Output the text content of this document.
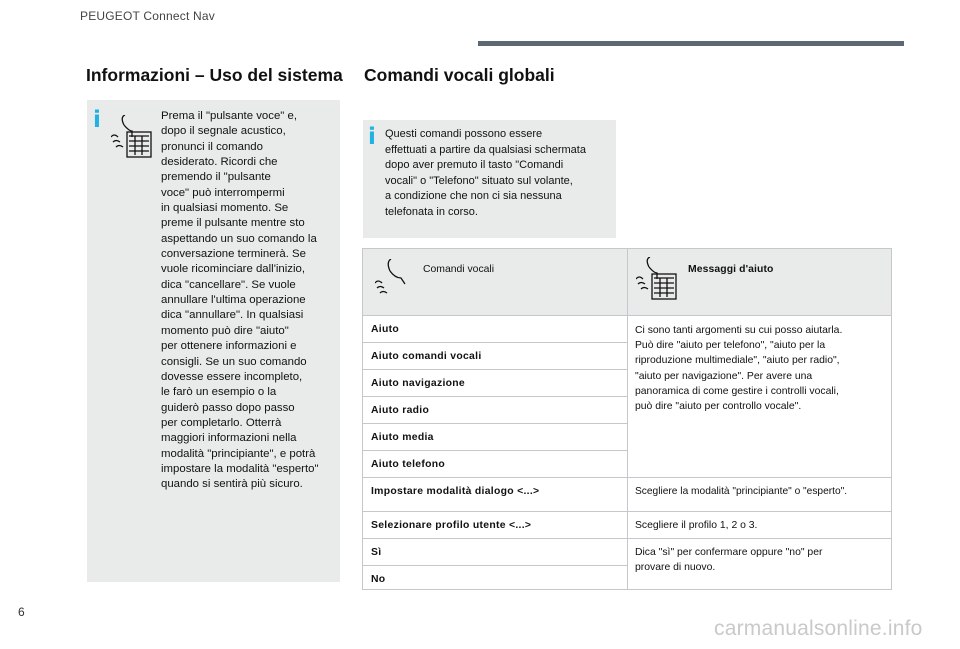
PEUGEOT Connect Nav
Informazioni – Uso del sistema
i	Prema il "pulsante voce" e,
dopo il segnale acustico,
pronunci il comando
desiderato. Ricordi che
premendo il "pulsante
voce" può interrompermi
in qualsiasi momento. Se
preme il pulsante mentre sto
aspettando un suo comando la
conversazione terminerà. Se
vuole ricominciare dall'inizio,
dica "cancellare". Se vuole
annullare l'ultima operazione
dica "annullare". In qualsiasi
momento può dire "aiuto"
per ottenere informazioni e
consigli. Se un suo comando
dovesse essere incompleto,
le farò un esempio o la
guiderò passo dopo passo
per completarlo. Otterrà
maggiori informazioni nella
modalità "principiante", e potrà
impostare la modalità "esperto"
quando si sentirà più sicuro.
Comandi vocali globali
i Questi comandi possono essere
effettuati a partire da qualsiasi schermata
dopo aver premuto il tasto "Comandi
vocali" o "Telefono" situato sul volante,
a condizione che non ci sia nessuna
telefonata in corso.
Comandi vocali	Messaggi d'aiuto
Aiuto
Aiuto comandi vocali
Aiuto navigazione
Aiuto radio
Aiuto media
Aiuto telefono
Impostare modalità dialogo <...>
Selezionare profilo utente <...>
Sì
No
Ci sono tanti argomenti su cui posso aiutarla.
Può dire "aiuto per telefono", "aiuto per la
riproduzione multimediale", "aiuto per radio",
"aiuto per navigazione". Per avere una
panoramica di come gestire i controlli vocali,
può dire "aiuto per controllo vocale".
Scegliere la modalità "principiante" o "esperto".
Scegliere il profilo 1, 2 o 3.
Dica "sì" per confermare oppure "no" per
provare di nuovo.
6
carmanualsonline.info
